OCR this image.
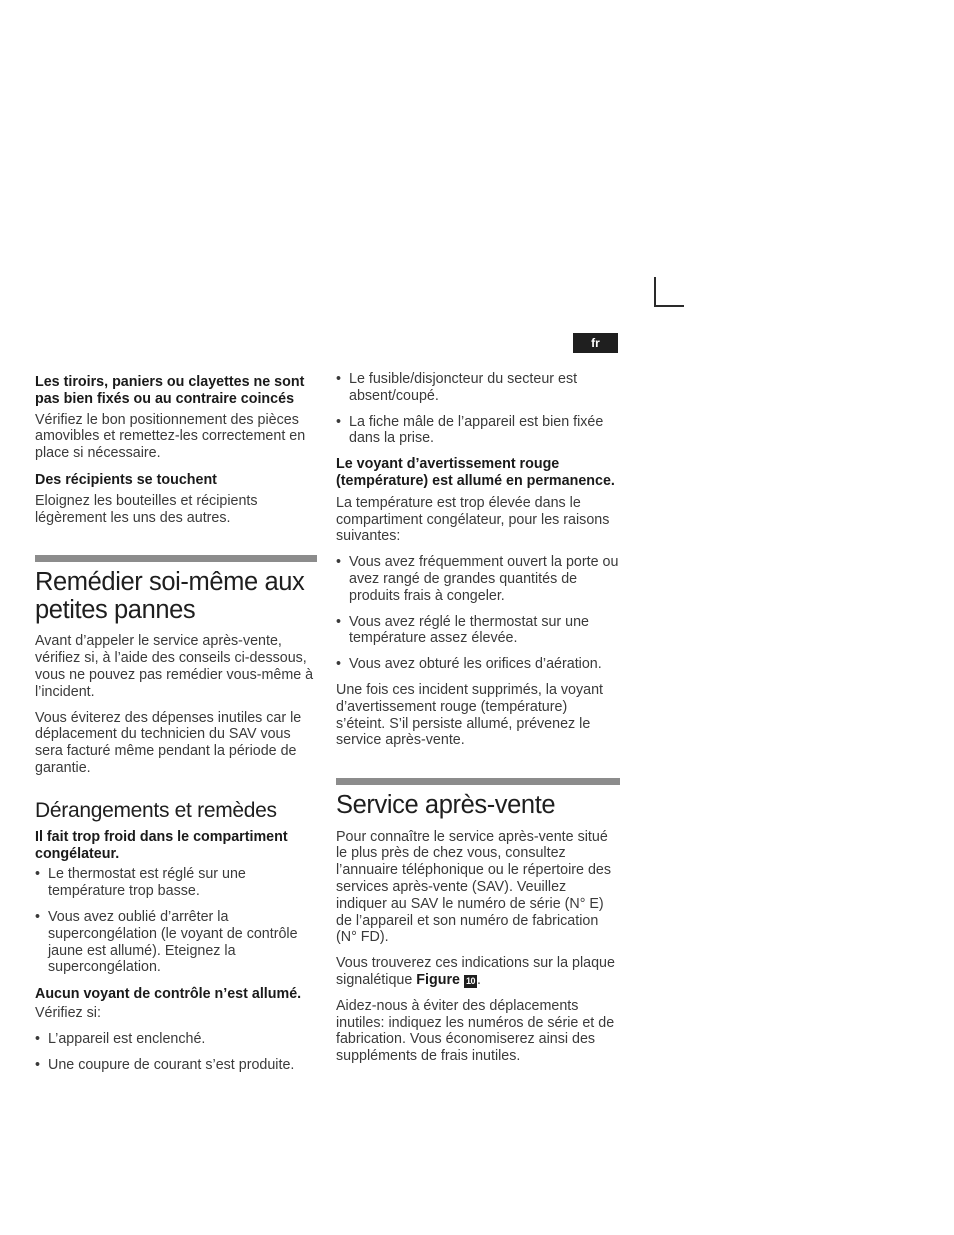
fr

Les tiroirs, paniers ou clayettes ne sont pas bien fixés ou au contraire coincés

Vérifiez le bon positionnement des pièces amovibles et remettez-les correctement en place si nécessaire.

Des récipients se touchent

Eloignez les bouteilles et récipients légèrement les uns des autres.

Remédier soi-même aux petites pannes

Avant d’appeler le service après-vente, vérifiez si, à l’aide des conseils ci-dessous, vous ne pouvez pas remédier vous-même à l’incident.

Vous éviterez des dépenses inutiles car le déplacement du technicien du SAV vous sera facturé même pendant la période de garantie.

Dérangements et remèdes

Il fait trop froid dans le compartiment congélateur.

• Le thermostat est réglé sur une température trop basse.
• Vous avez oublié d’arrêter la supercongélation (le voyant de contrôle jaune est allumé). Eteignez la supercongélation.

Aucun voyant de contrôle n’est allumé.

Vérifiez si:

• L’appareil est enclenché.
• Une coupure de courant s’est produite.
• Le fusible/disjoncteur du secteur est absent/coupé.
• La fiche mâle de l’appareil est bien fixée dans la prise.

Le voyant d’avertissement rouge (température) est allumé en permanence.

La température est trop élevée dans le compartiment congélateur, pour les raisons suivantes:

• Vous avez fréquemment ouvert la porte ou avez rangé de grandes quantités de produits frais à congeler.
• Vous avez réglé le thermostat sur une température assez élevée.
• Vous avez obturé les orifices d’aération.

Une fois ces incident supprimés, la voyant d’avertissement rouge (température) s’éteint. S’il persiste allumé, prévenez le service après-vente.

Service après-vente

Pour connaître le service après-vente situé le plus près de chez vous, consultez l’annuaire téléphonique ou le répertoire des services après-vente (SAV). Veuillez indiquer au SAV le numéro de série (N° E) de l’appareil et son numéro de fabrication (N° FD).

Vous trouverez ces indications sur la plaque signalétique Figure 10 .

Aidez-nous à éviter des déplacements inutiles: indiquez les numéros de série et de fabrication. Vous économiserez ainsi des suppléments de frais inutiles.
